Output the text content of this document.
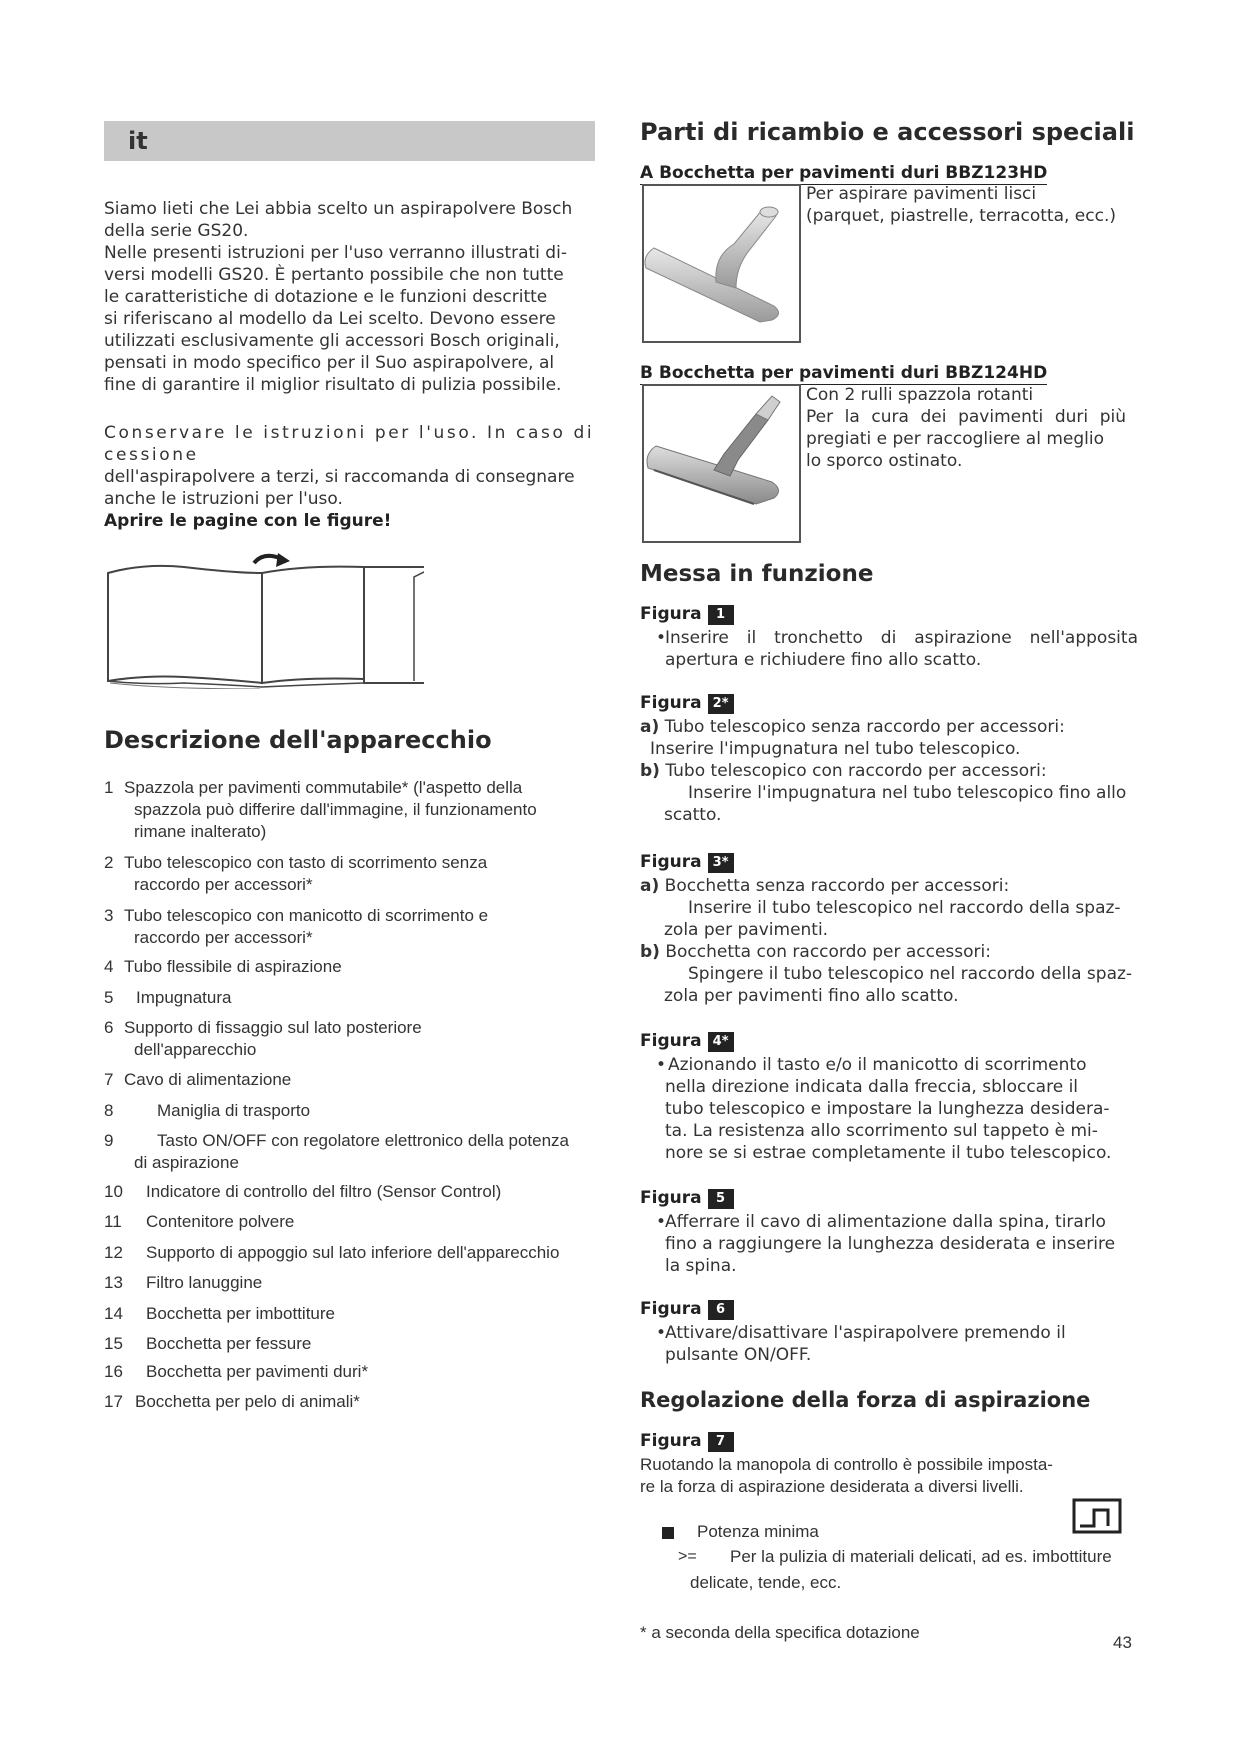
it
Siamo lieti che Lei abbia scelto un aspirapolvere Bosch
della serie GS20.
Nelle presenti istruzioni per l'uso verranno illustrati di-
versi modelli GS20. È pertanto possibile che non tutte
le caratteristiche di dotazione e le funzioni descritte
si riferiscano al modello da Lei scelto. Devono essere
utilizzati esclusivamente gli accessori Bosch originali,
pensati in modo specifico per il Suo aspirapolvere, al
fine di garantire il miglior risultato di pulizia possibile.
Conservare le istruzioni per l'uso. In caso di cessione
dell'aspirapolvere a terzi, si raccomanda di consegnare
anche le istruzioni per l'uso.
Aprire le pagine con le figure!
Descrizione dell'apparecchio
1 Spazzola per pavimenti commutabile* (l'aspetto della
spazzola può differire dall'immagine, il funzionamento
rimane inalterato)
2 Tubo telescopico con tasto di scorrimento senza
raccordo per accessori*
3 Tubo telescopico con manicotto di scorrimento e
raccordo per accessori*
4 Tubo flessibile di aspirazione
5	Impugnatura
6 Supporto di fissaggio sul lato posteriore
dell'apparecchio
7 Cavo di alimentazione
8	Maniglia di trasporto
9	Tasto ON/OFF con regolatore elettronico della potenza
di aspirazione
10	Indicatore di controllo del filtro (Sensor Control)
11	Contenitore polvere
12	Supporto di appoggio sul lato inferiore dell'apparecchio
13	Filtro lanuggine
14	Bocchetta per imbottiture
15	Bocchetta per fessure
16	Bocchetta per pavimenti duri*
17 Bocchetta per pelo di animali*
Parti di ricambio e accessori speciali
A Bocchetta per pavimenti duri BBZ123HD
Per aspirare pavimenti lisci
(parquet, piastrelle, terracotta, ecc.)
B Bocchetta per pavimenti duri BBZ124HD
Con 2 rulli spazzola rotanti
Per la cura dei pavimenti duri più
pregiati e per raccogliere al meglio
lo sporco ostinato.
Messa in funzione
Figura 1
•
Inserire il tronchetto di aspirazione nell'apposita
apertura e richiudere fino allo scatto.
Figura 2*
a) Tubo telescopico senza raccordo per accessori:
Inserire l'impugnatura nel tubo telescopico.
b) Tubo telescopico con raccordo per accessori:
Inserire l'impugnatura nel tubo telescopico fino allo
scatto.
Figura 3*
a) Bocchetta senza raccordo per accessori:
Inserire il tubo telescopico nel raccordo della spaz-
zola per pavimenti.
b) Bocchetta con raccordo per accessori:
Spingere il tubo telescopico nel raccordo della spaz-
zola per pavimenti fino allo scatto.
Figura 4*
• Azionando il tasto e/o il manicotto di scorrimento
nella direzione indicata dalla freccia, sbloccare il
tubo telescopico e impostare la lunghezza desidera-
ta. La resistenza allo scorrimento sul tappeto è mi-
nore se si estrae completamente il tubo telescopico.
Figura 5
•
Afferrare il cavo di alimentazione dalla spina, tirarlo
fino a raggiungere la lunghezza desiderata e inserire
la spina.
Figura 6
•
Attivare/disattivare l'aspirapolvere premendo il
pulsante ON/OFF.
Regolazione della forza di aspirazione
Figura 7
Ruotando la manopola di controllo è possibile imposta-
re la forza di aspirazione desiderata a diversi livelli.
Potenza minima
>= Per la pulizia di materiali delicati, ad es. imbottiture
delicate, tende, ecc.
* a seconda della specifica dotazione
43
